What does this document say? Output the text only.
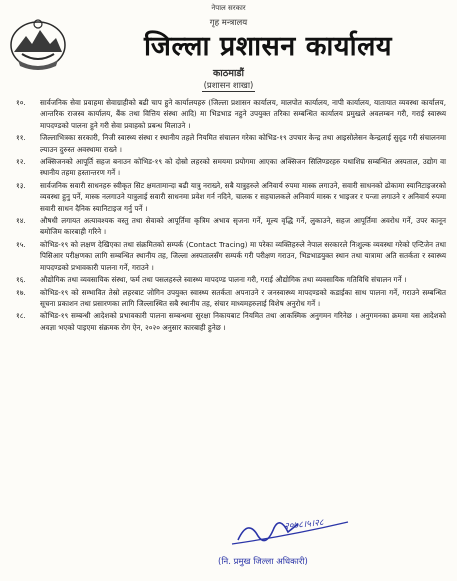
नेपाल सरकार
गृह मन्त्रालय
जिल्ला प्रशासन कार्यालय
काठमाडौं
(प्रशासन शाखा)
१०.	सार्वजनिक सेवा प्रवाहमा सेवाग्राहीको बढी चाप हुने कार्यालयहरु (जिल्ला प्रशासन कार्यालय, मालपोत कार्यालय, नापी कार्यालय, यातायात व्यवस्था कार्यालय, आन्तरिक राजस्व कार्यालय, बैंक तथा वित्तिय संस्था आदि) मा भिडभाड नहुने उपयुक्त तरिका सम्बन्धित कार्यालय प्रमुखले अवलम्बन गरी, गराई स्वास्थ्य मापदण्डको पालना हुने गरी सेवा प्रवाहको प्रबन्ध मिलाउने ।
११.	जिल्लाभित्रका सरकारी, निजी स्वास्थ्य संस्था र स्थानीय तहले नियमित संचालन गरेका कोभिड-१९ उपचार केन्द्र तथा आइसोलेसन केन्द्रलाई सुदृढ गरी संचालनमा ल्याउन दुरुस्त अवस्थामा राख्ने ।
१२.	अक्सिजनको आपूर्ति सहज बनाउन कोभिड-१९ को दोस्रो लहरको समयमा प्रयोगमा आएका अक्सिजन सिलिण्डरहरु यथाशिघ्र सम्बन्धित अस्पताल, उद्योग वा स्थानीय तहमा हस्तान्तरण गर्ने ।
१३.	सार्वजनिक सवारी साधनहरु स्वीकृत सिट क्षमतामान्दा बढी यात्रु नराख्ने, सबै यात्रुहरुले अनिवार्य रुपमा मास्क लगाउने, सवारी साधनको ढोकामा स्यानिटाइजरको व्यवस्था हुनु पर्ने, मास्क नलगाउने यात्रुलाई सवारी साधनमा प्रवेश गर्न नदिने, चालक र सहचालकले अनिवार्य मास्क र भाइजर र पन्जा लगाउने र अनिवार्य रुपमा सवारी साधन दैनिक स्यानिटाइज गर्नु पर्ने ।
१४.	औषधी लगायत अत्यावश्यक वस्तु तथा सेवाको आपूर्तिमा कृत्रिम अभाव सृजना गर्ने, मूल्य वृद्धि गर्ने, लुकाउने, सहज आपूर्तिमा अवरोध गर्ने, उपर कानून बमोजिम कारबाही गरिने ।
१५.	कोभिड-१९ को लक्षण देखिएका तथा संक्रमितको सम्पर्क (Contact Tracing) मा परेका व्यक्तिहरुले नेपाल सरकारले निःशुल्क व्यवस्था गरेको एन्टिजेन तथा पिसिआर परीक्षणका लागि सम्बन्धित स्थानीय तह, जिल्ला अस्पतालसँग सम्पर्क गरी परीक्षण गराउन, भिडभाडयुक्त स्थान तथा यात्रामा अति सतर्कता र स्वास्थ्य मापदण्डको प्रभावकारी पालना गर्ने, गराउने ।
१६.	औद्योगिक तथा व्यवसायिक संस्था, फर्म तथा पसलहरुले स्वास्थ्य मापदण्ड पालना गरी, गराई औद्योगिक तथा व्यवसायिक गतिविधि संचालन गर्ने ।
१७.	कोभिड-१९ को सम्भावित तेस्रो लहरबाट जोगिन उपयुक्त स्वास्थ्य सतर्कता अपनाउने र जनस्वास्थ्य मापदण्डको कडाईका साथ पालना गर्ने, गराउने सम्बन्धित सूचना प्रकाशन तथा प्रसारणका लागि जिल्लास्थित सबै स्थानीय तह, संचार माध्यमहरुलाई विशेष अनुरोध गर्ने ।
१८.	कोभिड-१९ सम्बन्धी आदेशको प्रभावकारी पालना सम्बन्धमा सुरक्षा निकायबाट नियमित तथा आकस्मिक अनुगमन गरिनेछ । अनुगमनका क्रममा यस आदेशको अवज्ञा भएको पाइएमा संक्रमक रोग ऐन, २०२० अनुसार कारबाही हुनेछ ।
२०७८।५।२८
(नि. प्रमुख जिल्ला अधिकारी)
